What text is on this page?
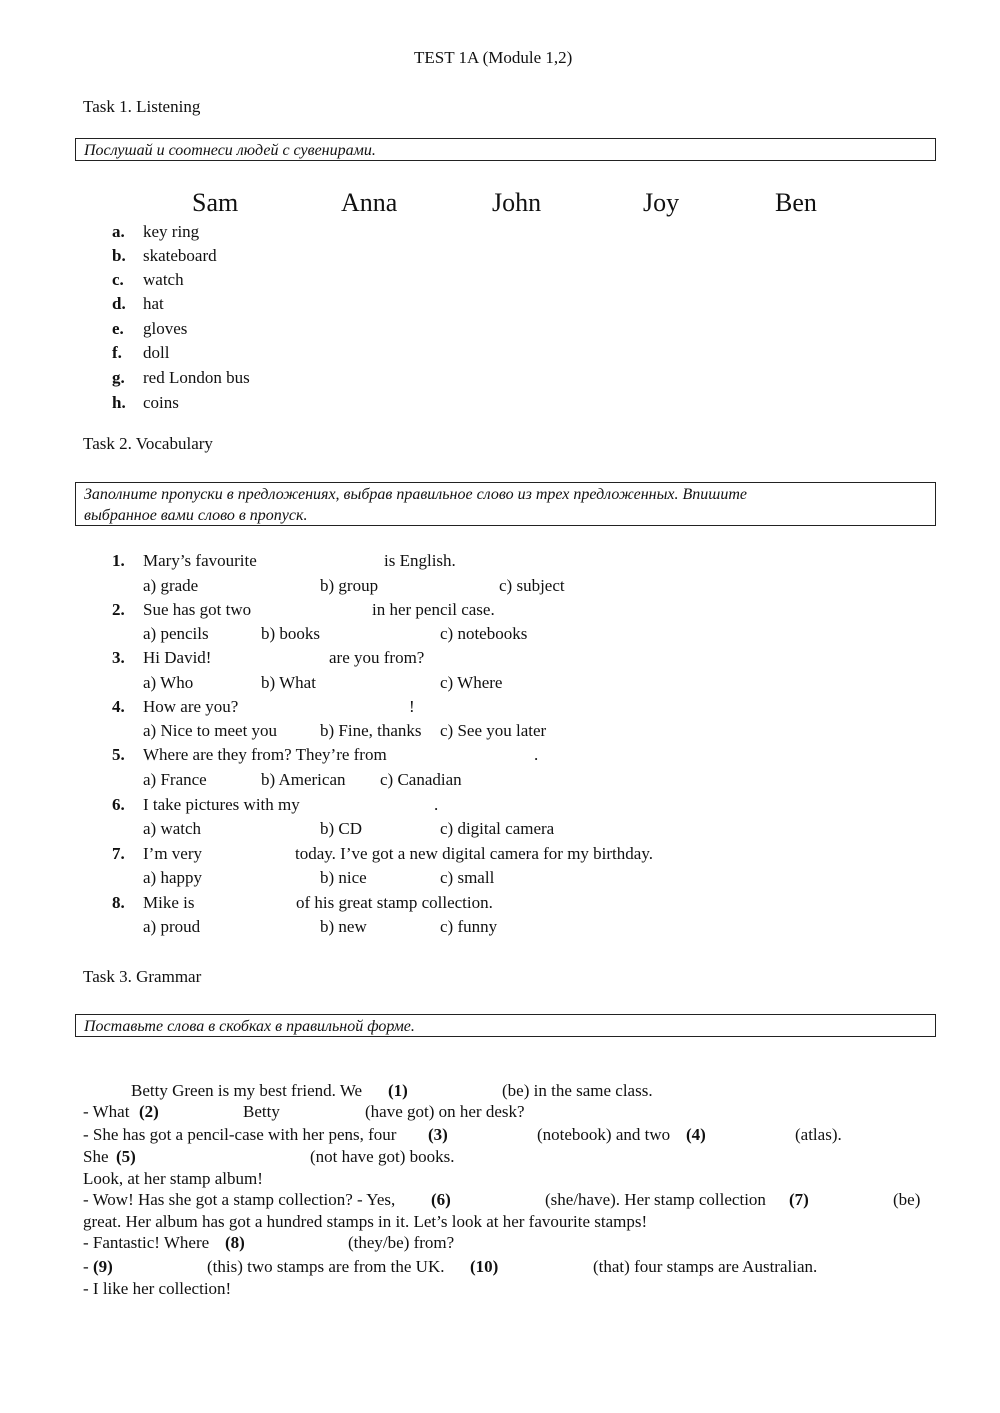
TEST 1A (Module 1,2)
Task 1. Listening
Послушай и соотнеси людей с сувенирами.
Sam	Anna	John	Joy	Ben
a. key ring
b. skateboard
c. watch
d. hat
e. gloves
f. doll
g. red London bus
h. coins
Task 2. Vocabulary
Заполните пропуски в предложениях, выбрав правильное слово из трех предложенных. Впишите
выбранное вами слово в пропуск.
1. Mary’s favourite	is English.
a) grade	b) group	c) subject
2. Sue has got two	in her pencil case.
a) pencils	b) books	c) notebooks
3. Hi David!	are you from?
a) Who	b) What	c) Where
4. How are you?	!
a) Nice to meet you	b) Fine, thanks c) See you later
5. Where are they from? They’re from	.
a) France	b) American c) Canadian
6. I take pictures with my	.
a) watch	b) CD	c) digital camera
7. I’m very	today. I’ve got a new digital camera for my birthday.
a) happy	b) nice	c) small
8. Mike is	of his great stamp collection.
a) proud	b) new	c) funny
Task 3. Grammar
Поставьте слова в скобках в правильной форме.
Betty Green is my best friend. We (1)	(be) in the same class.
- What (2)	Betty	(have got) on her desk?
- She has got a pencil-case with her pens, four (3)	(notebook) and two (4)	(atlas).
She (5)	(not have got) books.
Look, at her stamp album!
- Wow! Has she got a stamp collection? - Yes, (6)	(she/have). Her stamp collection (7)	(be)
great. Her album has got a hundred stamps in it. Let’s look at her favourite stamps!
- Fantastic! Where (8)	(they/be) from?
- (9)	(this) two stamps are from the UK. (10)	(that) four stamps are Australian.
- I like her collection!
